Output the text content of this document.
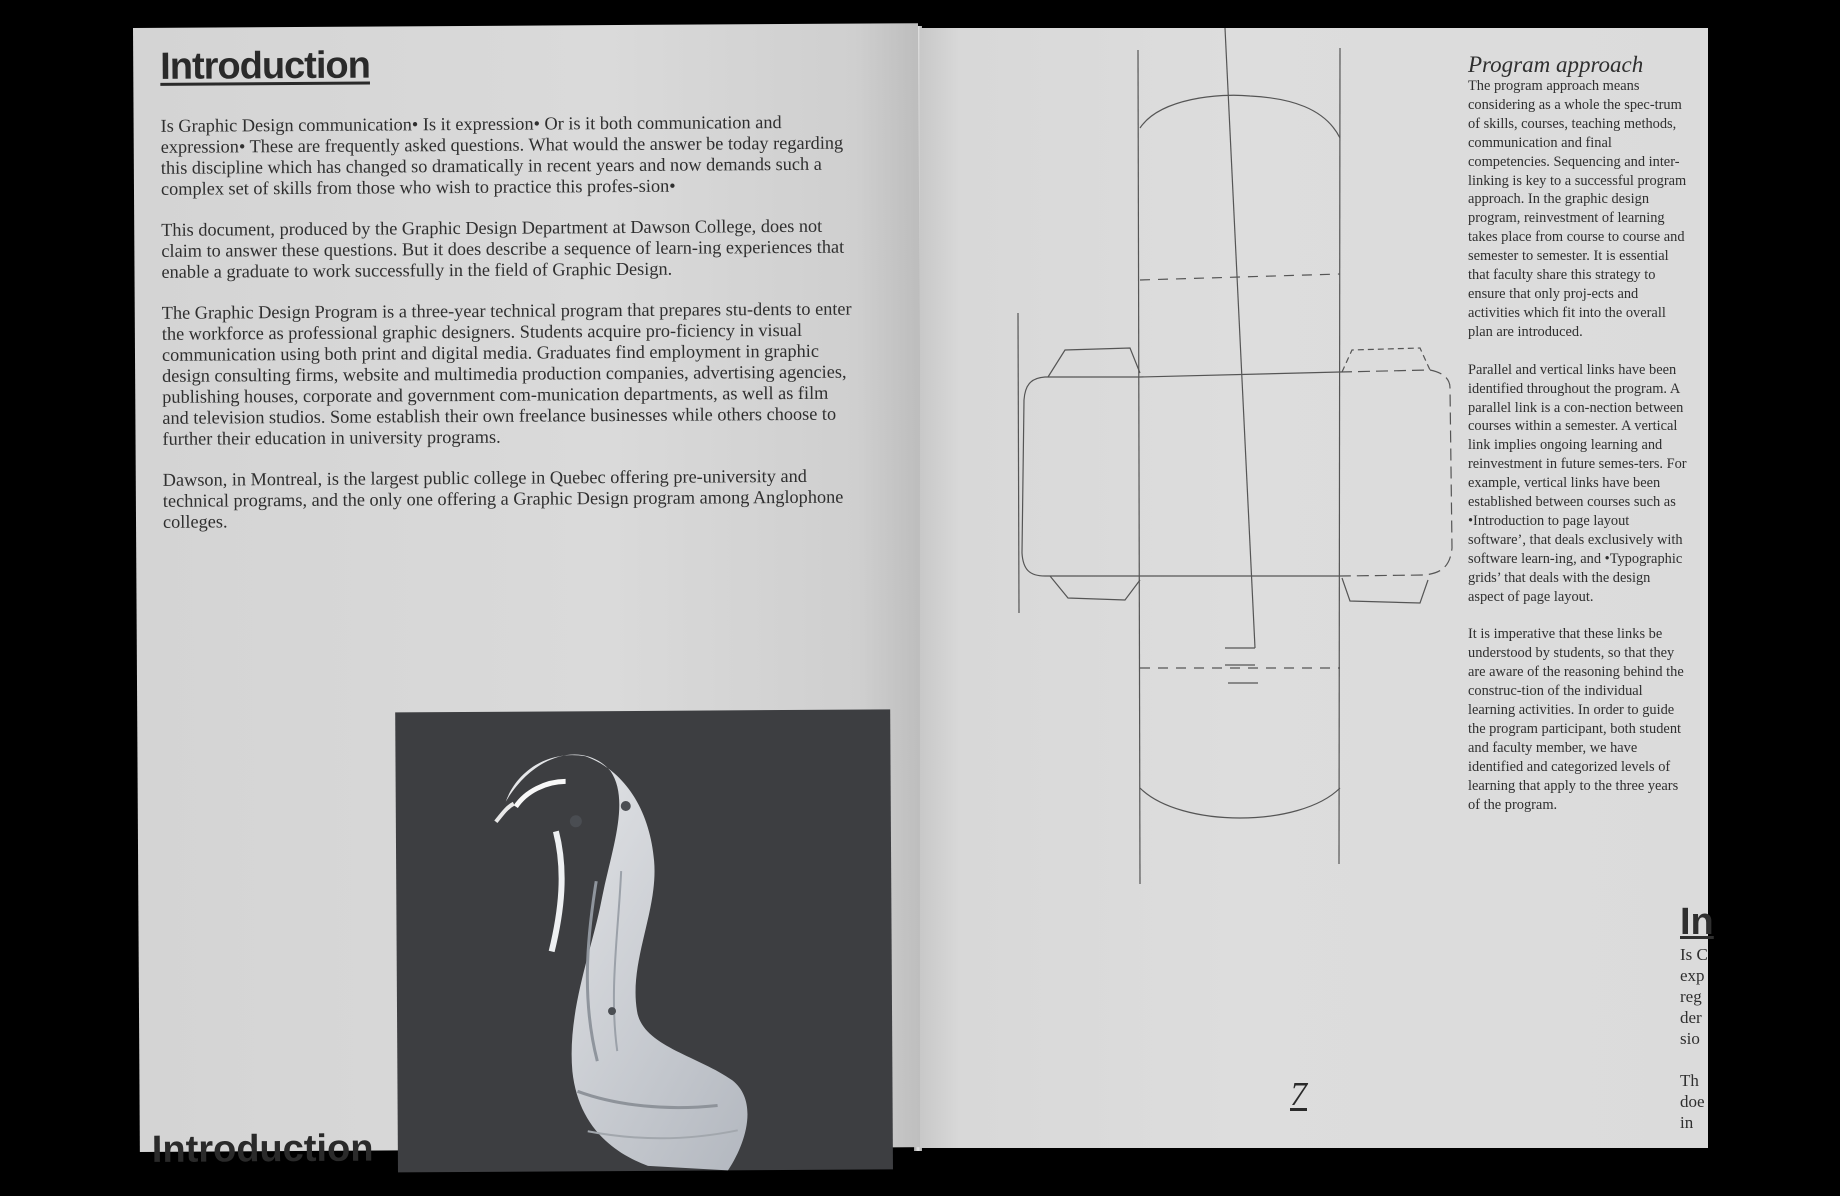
Introduction

Is Graphic Design communication• Is it expression• Or is it both communication and expression• These are frequently asked questions. What would the answer be today regarding this discipline which has changed so dramatically in recent years and now demands such a complex set of skills from those who wish to practice this profes-sion•

This document, produced by the Graphic Design Department at Dawson College, does not claim to answer these questions. But it does describe a sequence of learn-ing experiences that enable a graduate to work successfully in the field of Graphic Design.

The Graphic Design Program is a three-year technical program that prepares stu-dents to enter the workforce as professional graphic designers. Students acquire pro-ficiency in visual communication using both print and digital media. Graduates find employment in graphic design consulting firms, website and multimedia production companies, advertising agencies, publishing houses, corporate and government com-munication departments, as well as film and television studios. Some establish their own freelance businesses while others choose to further their education in university programs.

Dawson, in Montreal, is the largest public college in Quebec offering pre-university and technical programs, and the only one offering a Graphic Design program among Anglophone colleges.

Introduction
Program approach

The program approach means considering as a whole the spec-trum of skills, courses, teaching methods, communication and final competencies. Sequencing and inter-linking is key to a successful program approach. In the graphic design program, reinvestment of learning takes place from course to course and semester to semester. It is essential that faculty share this strategy to ensure that only proj-ects and activities which fit into the overall plan are introduced.

Parallel and vertical links have been identified throughout the program. A parallel link is a con-nection between courses within a semester. A vertical link implies ongoing learning and reinvestment in future semes-ters. For example, vertical links have been established between courses such as •Introduction to page layout software’, that deals exclusively with software learn-ing, and •Typographic grids’ that deals with the design aspect of page layout.

It is imperative that these links be understood by students, so that they are aware of the reasoning behind the construc-tion of the individual learning activities. In order to guide the program participant, both student and faculty member, we have identified and categorized levels of learning that apply to the three years of the program.

7
In
Is C
exp
reg
der
sio

Th
doe
in
